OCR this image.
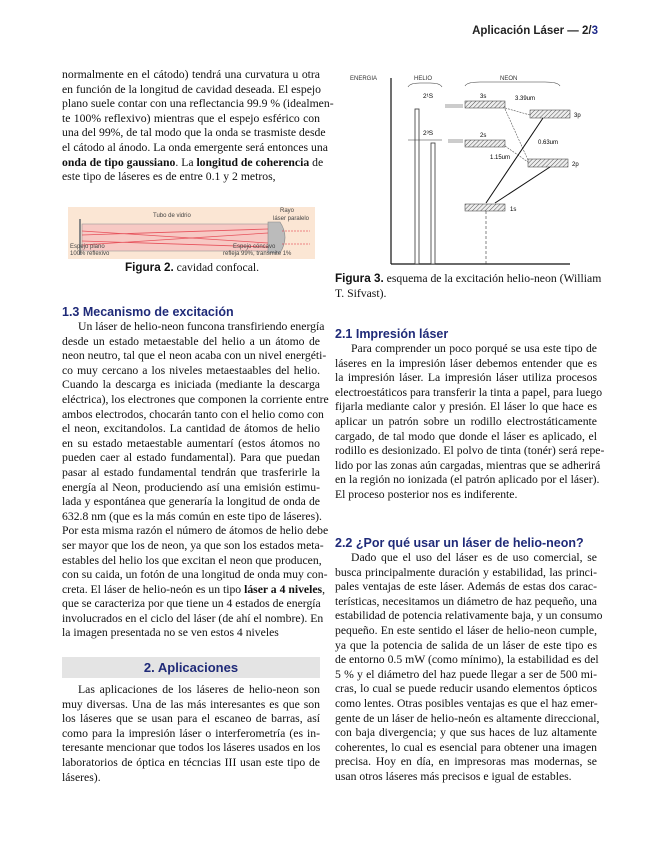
Aplicación Láser — 2/3
normalmente en el cátodo) tendrá una curvatura u otra
en función de la longitud de cavidad deseada. El espejo
plano suele contar con una reflectancia 99.9 % (idealmen-
te 100% reflexivo) mientras que el espejo esférico con
una del 99%, de tal modo que la onda se trasmiste desde
el cátodo al ánodo. La onda emergente será entonces una
onda de tipo gaussiano. La longitud de coherencia de
este tipo de láseres es de entre 0.1 y 2 metros,
Tubo de vidrio
Rayo
láser paralelo
Espejo plano
100% reflexivo
Espejo cóncavo
refleja 99%, transmite 1%
Figura 2. cavidad confocal.
1.3 Mecanismo de excitación
Un láser de helio-neon funcona transfiriendo energía
desde un estado metaestable del helio a un átomo de
neon neutro, tal que el neon acaba con un nivel energéti-
co muy cercano a los niveles metaestaables del helio.
Cuando la descarga es iniciada (mediante la descarga
eléctrica), los electrones que componen la corriente entre
ambos electrodos, chocarán tanto con el helio como con
el neon, excitandolos. La cantidad de átomos de helio
en su estado metaestable aumentarí (estos átomos no
pueden caer al estado fundamental). Para que puedan
pasar al estado fundamental tendrán que trasferirle la
energía al Neon, produciendo así una emisión estimu-
lada y espontánea que generaría la longitud de onda de
632.8 nm (que es la más común en este tipo de láseres).
Por esta misma razón el número de átomos de helio debe
ser mayor que los de neon, ya que son los estados meta-
estables del helio los que excitan el neon que producen,
con su caida, un fotón de una longitud de onda muy con-
creta. El láser de helio-neón es un tipo láser a 4 niveles,
que se caracteriza por que tiene un 4 estados de energía
involucrados en el ciclo del láser (de ahí el nombre). En
la imagen presentada no se ven estos 4 niveles
2. Aplicaciones
Las aplicaciones de los láseres de helio-neon son
muy diversas. Una de las más interesantes es que son
los láseres que se usan para el escaneo de barras, así
como para la impresión láser o interferometría (es in-
teresante mencionar que todos los láseres usados en los
laboratorios de óptica en técncias III usan este tipo de
láseres).
ENERGIA	HELIO	NEON
2¹S
2³S
3s
2s
3p
2p
1s
3.39um
0.63um
1.15um
Figura 3. esquema de la excitación helio-neon (William
T. Sifvast).
2.1 Impresión láser
Para comprender un poco porqué se usa este tipo de
láseres en la impresión láser debemos entender que es
la impresión láser. La impresión láser utiliza procesos
electroestáticos para transferir la tinta a papel, para luego
fijarla mediante calor y presión. El láser lo que hace es
aplicar un patrón sobre un rodillo electrostáticamente
cargado, de tal modo que donde el láser es aplicado, el
rodillo es desionizado. El polvo de tinta (tonér) será repe-
lido por las zonas aún cargadas, mientras que se adherirá
en la región no ionizada (el patrón aplicado por el láser).
El proceso posterior nos es indiferente.
2.2 ¿Por qué usar un láser de helio-neon?
Dado que el uso del láser es de uso comercial, se
busca principalmente duración y estabilidad, las princi-
pales ventajas de este láser. Además de estas dos carac-
terísticas, necesitamos un diámetro de haz pequeño, una
estabilidad de potencia relativamente baja, y un consumo
pequeño. En este sentido el láser de helio-neon cumple,
ya que la potencia de salida de un láser de este tipo es
de entorno 0.5 mW (como mínimo), la estabilidad es del
5 % y el diámetro del haz puede llegar a ser de 500 mi-
cras, lo cual se puede reducir usando elementos ópticos
como lentes. Otras posibles ventajas es que el haz emer-
gente de un láser de helio-neón es altamente direccional,
con baja divergencia; y que sus haces de luz altamente
coherentes, lo cual es esencial para obtener una imagen
precisa. Hoy en día, en impresoras mas modernas, se
usan otros láseres más precisos e igual de estables.
